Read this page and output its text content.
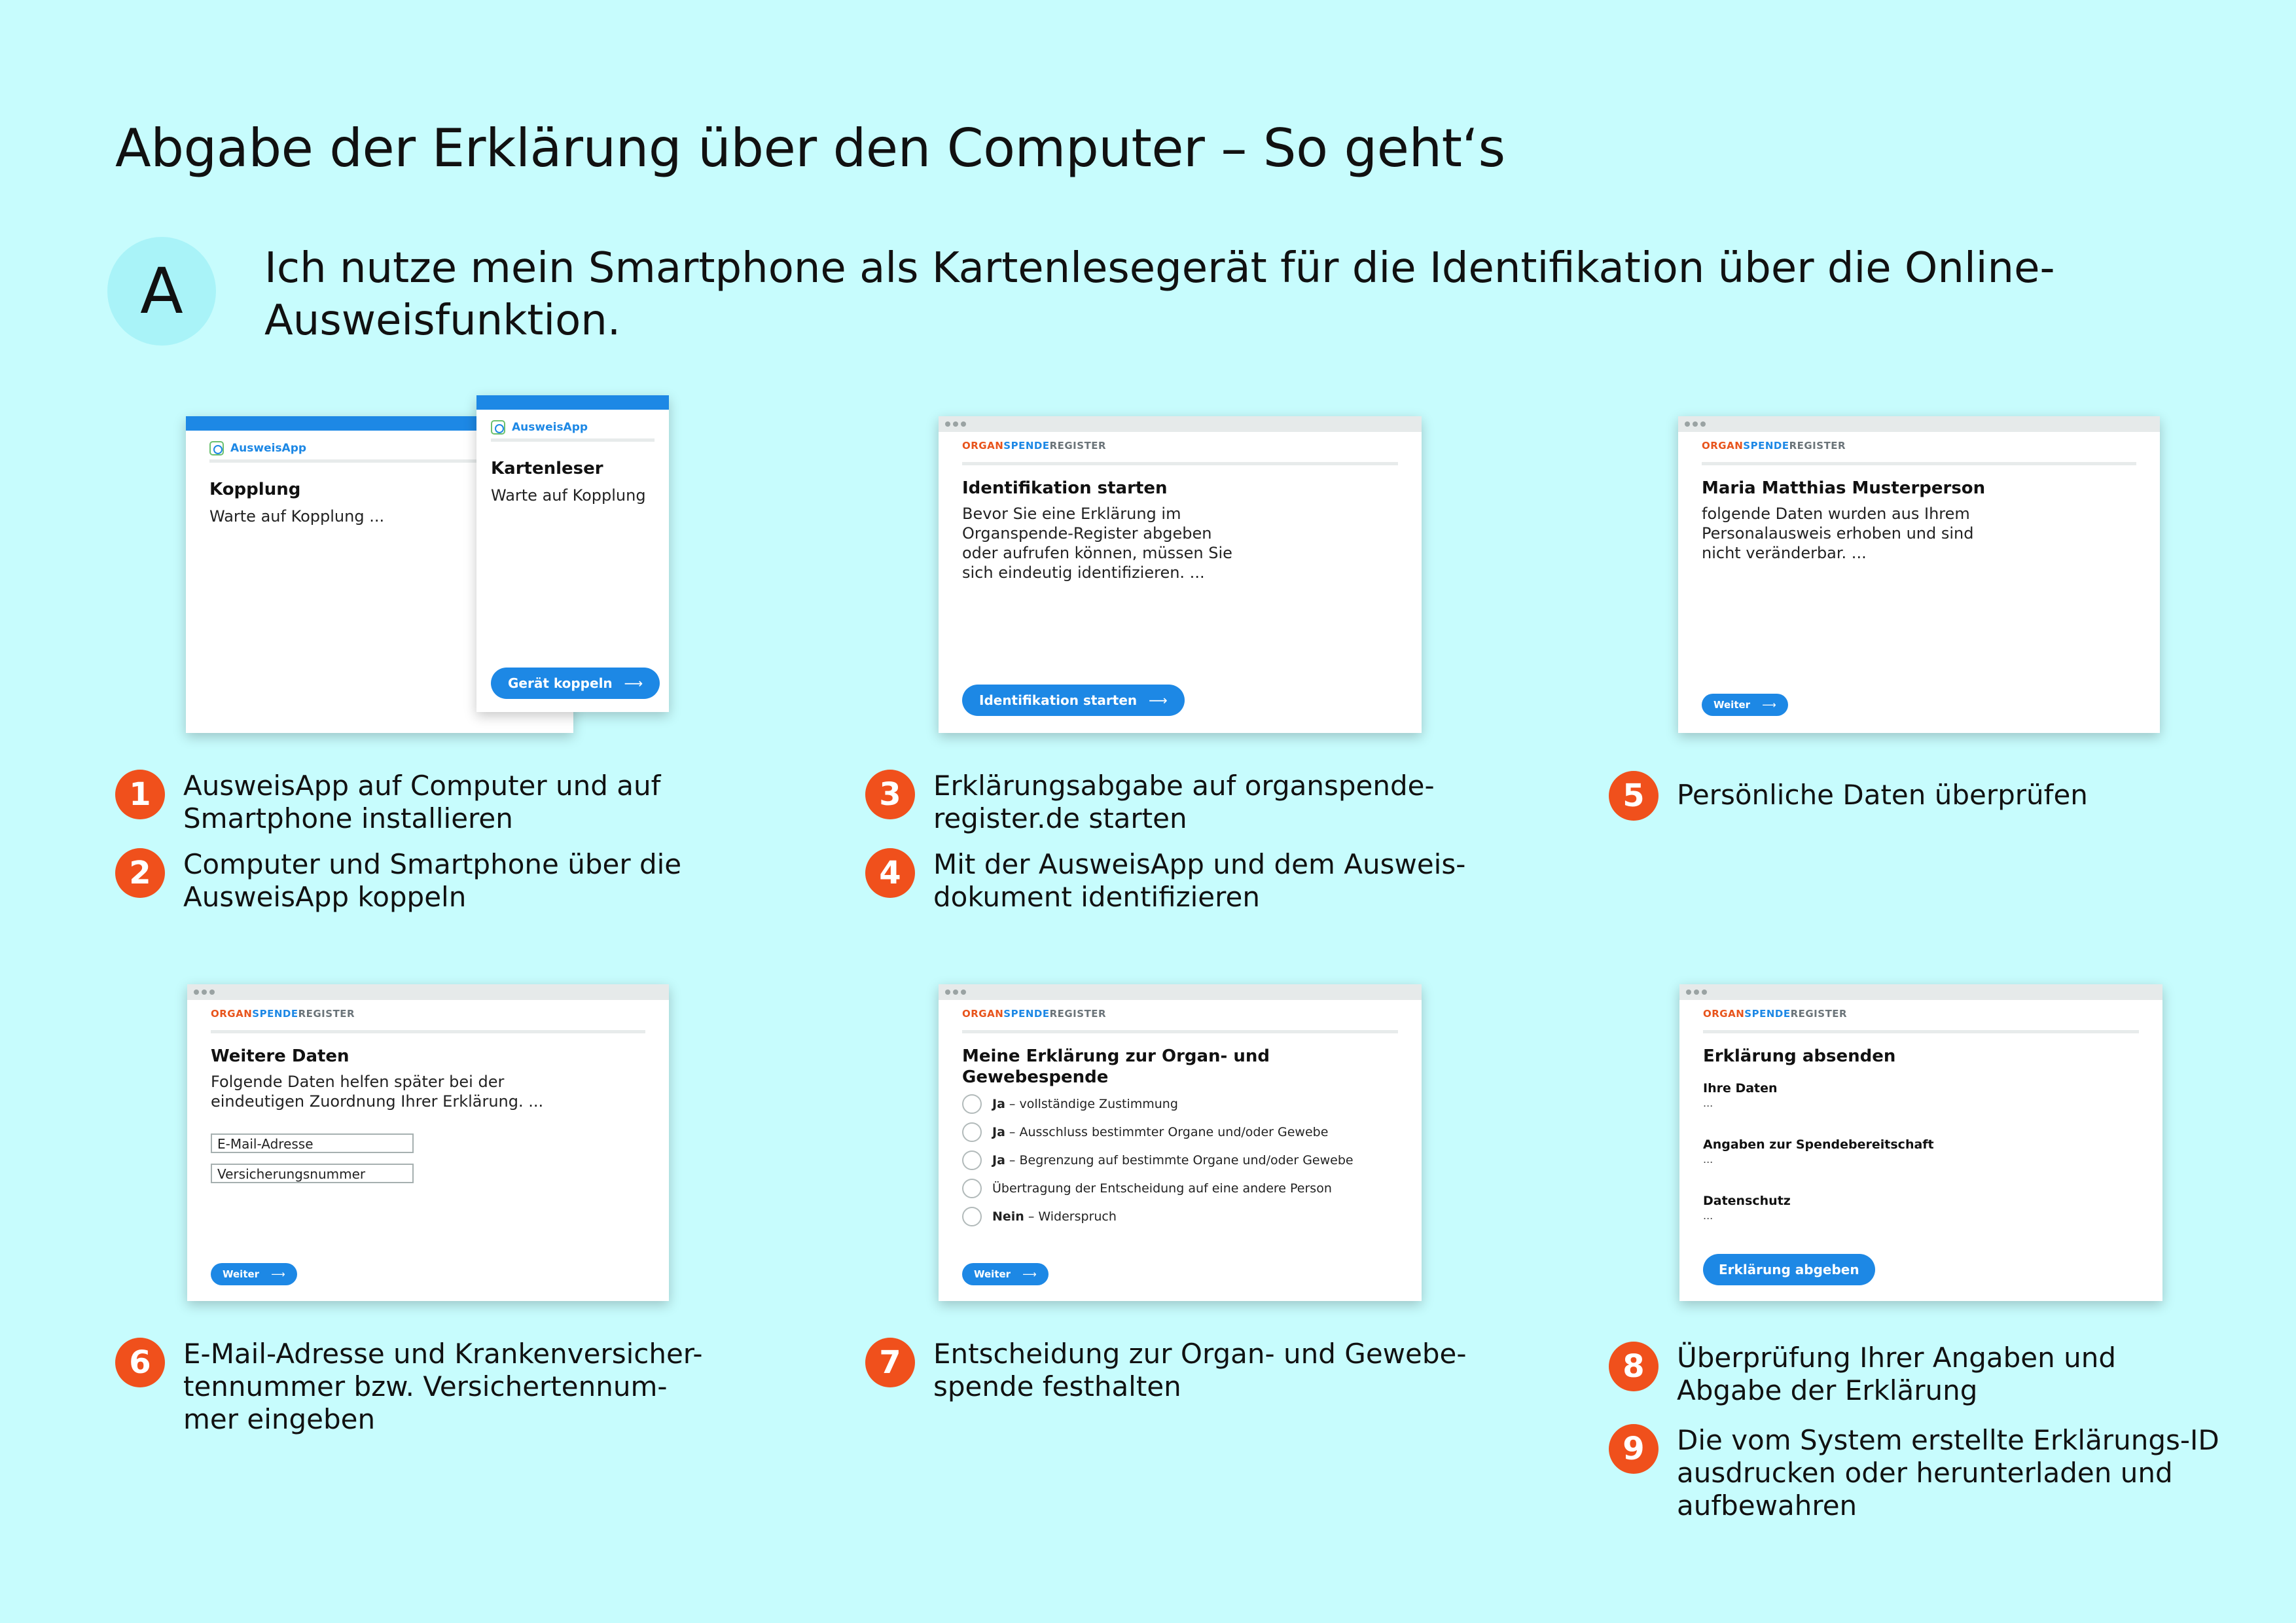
Abgabe der Erklärung über den Computer – So geht‘s
A	Ich nutze mein Smartphone als Kartenlesegerät für die Identifikation über die Online-Ausweisfunktion.
AusweisApp
Kopplung
Warte auf Kopplung ...
AusweisApp
Kartenleser
Warte auf Kopplung
Gerät koppeln ⟶
ORGANSPENDEREGISTER
Identifikation starten
Bevor Sie eine Erklärung im
Organspende-Register abgeben
oder aufrufen können, müssen Sie
sich eindeutig identifizieren. ...
Identifikation starten ⟶
ORGANSPENDEREGISTER
Maria Matthias Musterperson
folgende Daten wurden aus Ihrem
Personalausweis erhoben und sind
nicht veränderbar. ...
Weiter ⟶
ORGANSPENDEREGISTER
Weitere Daten
Folgende Daten helfen später bei der
eindeutigen Zuordnung Ihrer Erklärung. ...
E-Mail-Adresse
Versicherungsnummer
Weiter ⟶
ORGANSPENDEREGISTER
Meine Erklärung zur Organ- und
Gewebespende
Ja – vollständige Zustimmung
Ja – Ausschluss bestimmter Organe und/oder Gewebe
Ja – Begrenzung auf bestimmte Organe und/oder Gewebe
Übertragung der Entscheidung auf eine andere Person
Nein – Widerspruch
Weiter ⟶
ORGANSPENDEREGISTER
Erklärung absenden
Ihre Daten
...
Angaben zur Spendebereitschaft
...
Datenschutz
...
Erklärung abgeben
1	AusweisApp auf Computer und auf
Smartphone installieren
2	Computer und Smartphone über die
AusweisApp koppeln
3	Erklärungsabgabe auf organspende-
register.de starten
4	Mit der AusweisApp und dem Ausweis-
dokument identifizieren
5	Persönliche Daten überprüfen
6	E-Mail-Adresse und Krankenversicher-
tennummer bzw. Versichertennum-
mer eingeben
7	Entscheidung zur Organ- und Gewebe-
spende festhalten
8	Überprüfung Ihrer Angaben und
Abgabe der Erklärung
9	Die vom System erstellte Erklärungs-ID
ausdrucken oder herunterladen und
aufbewahren
